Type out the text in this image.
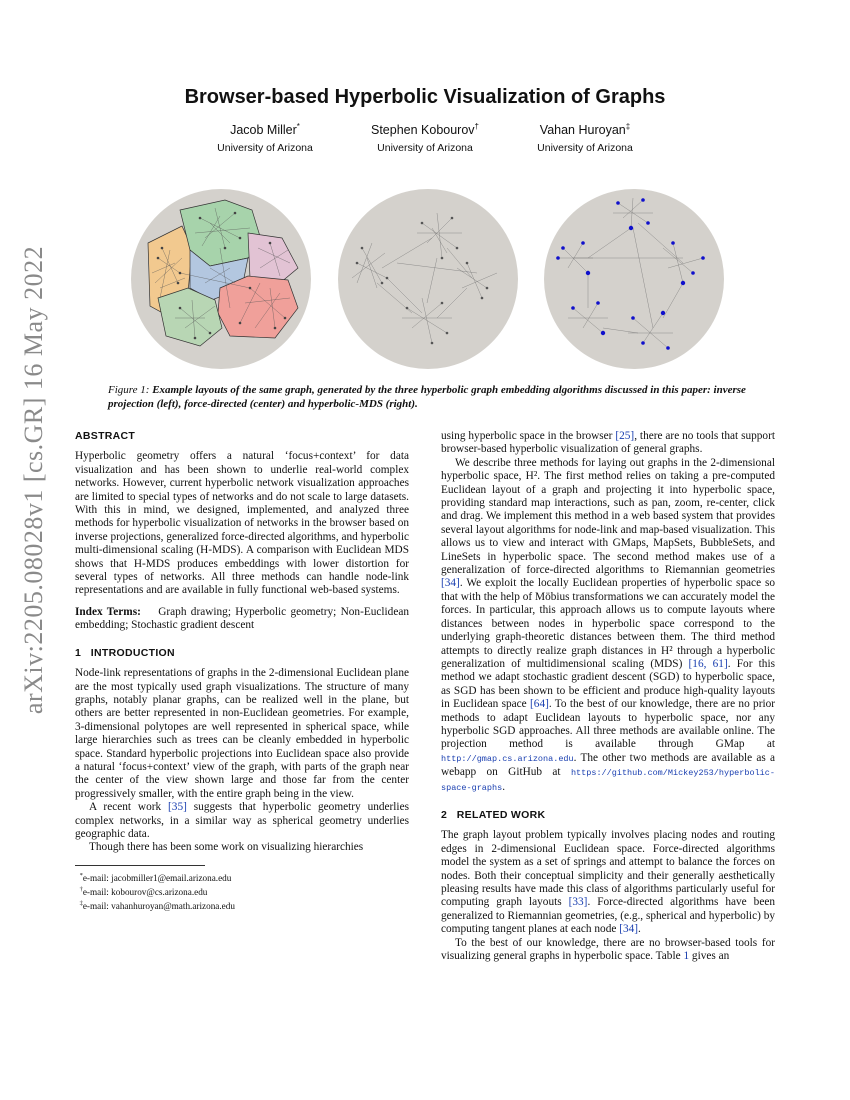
arXiv:2205.08028v1 [cs.GR] 16 May 2022
Browser-based Hyperbolic Visualization of Graphs
Jacob Miller*
University of Arizona
Stephen Kobourov†
University of Arizona
Vahan Huroyan‡
University of Arizona
Figure 1: Example layouts of the same graph, generated by the three hyperbolic graph embedding algorithms discussed in this paper: inverse projection (left), force-directed (center) and hyperbolic-MDS (right).
ABSTRACT

Hyperbolic geometry offers a natural ‘focus+context’ for data visualization and has been shown to underlie real-world complex networks. However, current hyperbolic network visualization approaches are limited to special types of networks and do not scale to large datasets. With this in mind, we designed, implemented, and analyzed three methods for hyperbolic visualization of networks in the browser based on inverse projections, generalized force-directed algorithms, and hyperbolic multi-dimensional scaling (H-MDS). A comparison with Euclidean MDS shows that H-MDS produces embeddings with lower distortion for several types of networks. All three methods can handle node-link representations and are available in fully functional web-based systems.

Index Terms: Graph drawing; Hyperbolic geometry; Non-Euclidean embedding; Stochastic gradient descent

1 INTRODUCTION

Node-link representations of graphs in the 2-dimensional Euclidean plane are the most typically used graph visualizations. The structure of many graphs, notably planar graphs, can be realized well in the plane, but others are better represented in non-Euclidean geometries. For example, 3-dimensional polytopes are well represented in spherical space, while large hierarchies such as trees can be cleanly embedded in hyperbolic space. Standard hyperbolic projections into Euclidean space also provide a natural ‘focus+context’ view of the graph, with parts of the graph near the center of the view shown large and those far from the center progressively smaller, with the entire graph being in the view.

A recent work [35] suggests that hyperbolic geometry underlies complex networks, in a similar way as spherical geometry underlies geographic data.

Though there has been some work on visualizing hierarchies

*e-mail: jacobmiller1@email.arizona.edu
†e-mail: kobourov@cs.arizona.edu
‡e-mail: vahanhuroyan@math.arizona.edu

using hyperbolic space in the browser [25], there are no tools that support browser-based hyperbolic visualization of general graphs.

We describe three methods for laying out graphs in the 2-dimensional hyperbolic space, H². The first method relies on taking a pre-computed Euclidean layout of a graph and projecting it into hyperbolic space, providing standard map interactions, such as pan, zoom, re-center, click and drag. We implement this method in a web based system that provides several layout algorithms for node-link and map-based visualization. This allows us to view and interact with GMaps, MapSets, BubbleSets, and LineSets in hyperbolic space. The second method makes use of a generalization of force-directed algorithms to Riemannian geometries [34]. We exploit the locally Euclidean properties of hyperbolic space so that with the help of Möbius transformations we can accurately model the forces. In particular, this approach allows us to compute layouts where distances between nodes in hyperbolic space correspond to the underlying graph-theoretic distances between them. The third method attempts to directly realize graph distances in H² through a hyperbolic generalization of multidimensional scaling (MDS) [16, 61]. For this method we adapt stochastic gradient descent (SGD) to hyperbolic space, as SGD has been shown to be efficient and produce high-quality layouts in Euclidean space [64]. To the best of our knowledge, there are no prior methods to adapt Euclidean layouts to hyperbolic space, nor any hyperbolic SGD approaches. All three methods are available online. The projection method is available through GMap at http://gmap.cs.arizona.edu. The other two methods are available as a webapp on GitHub at https://github.com/Mickey253/hyperbolic-space-graphs.

2 RELATED WORK

The graph layout problem typically involves placing nodes and routing edges in 2-dimensional Euclidean space. Force-directed algorithms model the system as a set of springs and attempt to balance the forces on nodes. Both their conceptual simplicity and their generally aesthetically pleasing results have made this class of algorithms particularly useful for computing graph layouts [33]. Force-directed algorithms have been generalized to Riemannian geometries, (e.g., spherical and hyperbolic) by computing tangent planes at each node [34].

To the best of our knowledge, there are no browser-based tools for visualizing general graphs in hyperbolic space. Table 1 gives an
